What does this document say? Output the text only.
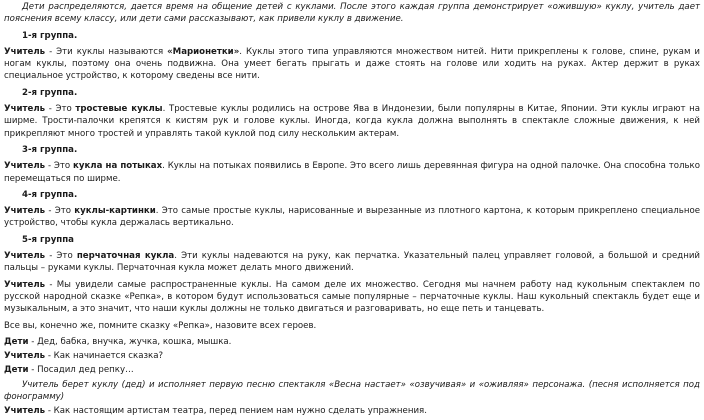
Дети распределяются, дается время на общение детей с куклами. После этого каждая группа демонстрирует «ожившую» куклу, учитель дает пояснения всему классу, или дети сами рассказывают, как привели куклу в движение.

1-я группа.

Учитель - Эти куклы называются «Марионетки». Куклы этого типа управляются множеством нитей. Нити прикреплены к голове, спине, рукам и ногам куклы, поэтому она очень подвижна. Она умеет бегать прыгать и даже стоять на голове или ходить на руках. Актер держит в руках специальное устройство, к которому сведены все нити.

2-я группа.

Учитель - Это тростевые куклы. Тростевые куклы родились на острове Ява в Индонезии, были популярны в Китае, Японии. Эти куклы играют на ширме. Трости-палочки крепятся к кистям рук и голове куклы. Иногда, когда кукла должна выполнять в спектакле сложные движения, к ней прикрепляют много тростей и управлять такой куклой под силу нескольким актерам.

3-я группа.

Учитель - Это кукла на потыках. Куклы на потыках появились в Европе. Это всего лишь деревянная фигура на одной палочке. Она способна только перемещаться по ширме.

4-я группа.

Учитель - Это куклы-картинки. Это самые простые куклы, нарисованные и вырезанные из плотного картона, к которым прикреплено специальное устройство, чтобы кукла держалась вертикально.

5-я группа

Учитель - Это перчаточная кукла. Эти куклы надеваются на руку, как перчатка. Указательный палец управляет головой, а большой и средний пальцы – руками куклы. Перчаточная кукла может делать много движений.

Учитель - Мы увидели самые распространенные куклы. На самом деле их множество. Сегодня мы начнем работу над кукольным спектаклем по русской народной сказке «Репка», в котором будут использоваться самые популярные – перчаточные куклы. Наш кукольный спектакль будет еще и музыкальным, а это значит, что наши куклы должны не только двигаться и разговаривать, но еще петь и танцевать.

Все вы, конечно же, помните сказку «Репка», назовите всех героев.

Дети - Дед, бабка, внучка, жучка, кошка, мышка.

Учитель - Как начинается сказка?

Дети - Посадил дед репку…

Учитель берет куклу (дед) и исполняет первую песню спектакля «Весна настает» «озвучивая» и «оживляя» персонажа. (песня исполняется под фонограмму)

Учитель - Как настоящим артистам театра, перед пением нам нужно сделать упражнения.
